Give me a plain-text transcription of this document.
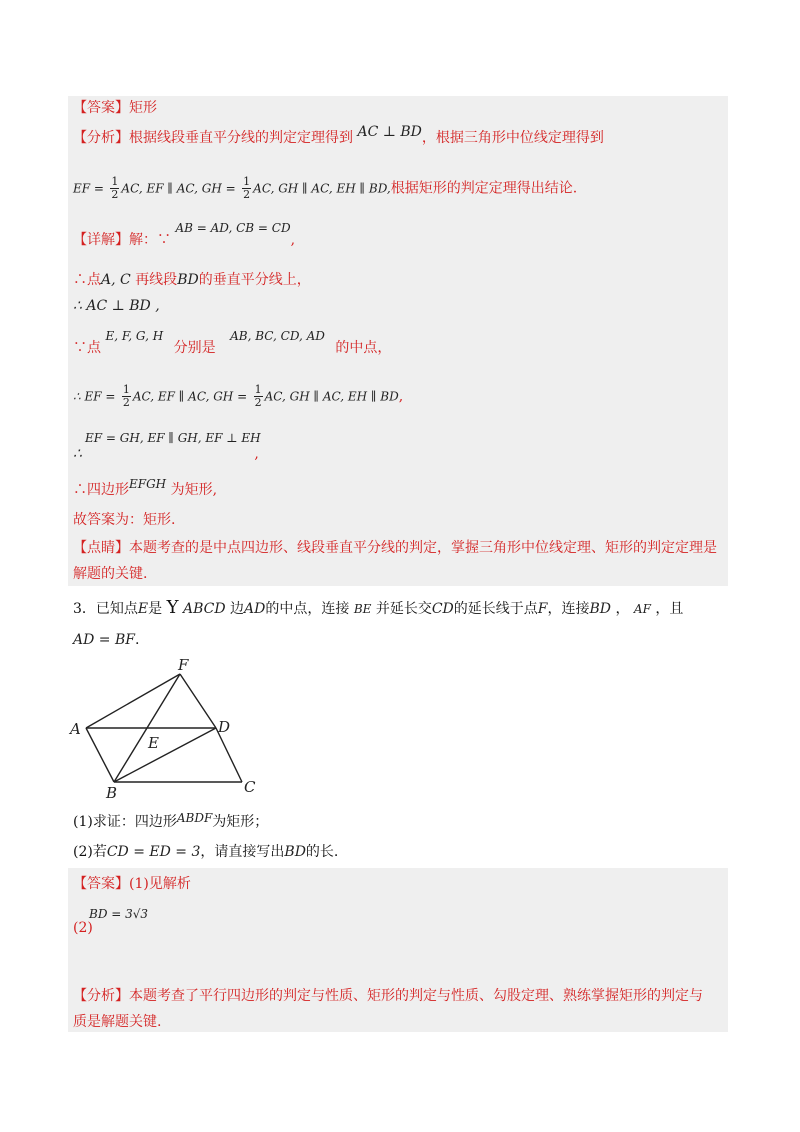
【答案】矩形
【分析】根据线段垂直平分线的判定定理得到 AC ⊥ BD，根据三角形中位线定理得到
EF = $\frac{1}{2}$ AC, EF ∥ AC, GH = $\frac{1}{2}$ AC, GH ∥ AC, EH ∥ BD,根据矩形的判定定理得出结论.
【详解】解：∵ AB = AD, CB = CD,
∴点A, C 再线段BD的垂直平分线上，
∴ AC ⊥ BD ,
∵点 E, F, G, H 分别是 AB, BC, CD, AD 的中点，
∴ EF = $\frac{1}{2}$ AC, EF ∥ AC, GH = $\frac{1}{2}$ AC, GH ∥ AC, EH ∥ BD,
EF = GH, EF ∥ GH, EF ⊥ EH
∴	,
∴四边形EFGH 为矩形,
故答案为：矩形.
【点睛】本题考查的是中点四边形、线段垂直平分线的判定，掌握三角形中位线定理、矩形的判定定理是
解题的关键.
3．已知点E是 Y ABCD 边AD的中点，连接 BE 并延长交CD的延长线于点F，连接BD ， AF ，且
AD = BF.
A
B	C
D
E
F
(1)求证：四边形ABDF为矩形；
(2)若CD = ED = 3，请直接写出BD的长.
【答案】(1)见解析
BD = 3√3
(2)
【分析】本题考查了平行四边形的判定与性质、矩形的判定与性质、勾股定理、熟练掌握矩形的判定与
质是解题关键.
